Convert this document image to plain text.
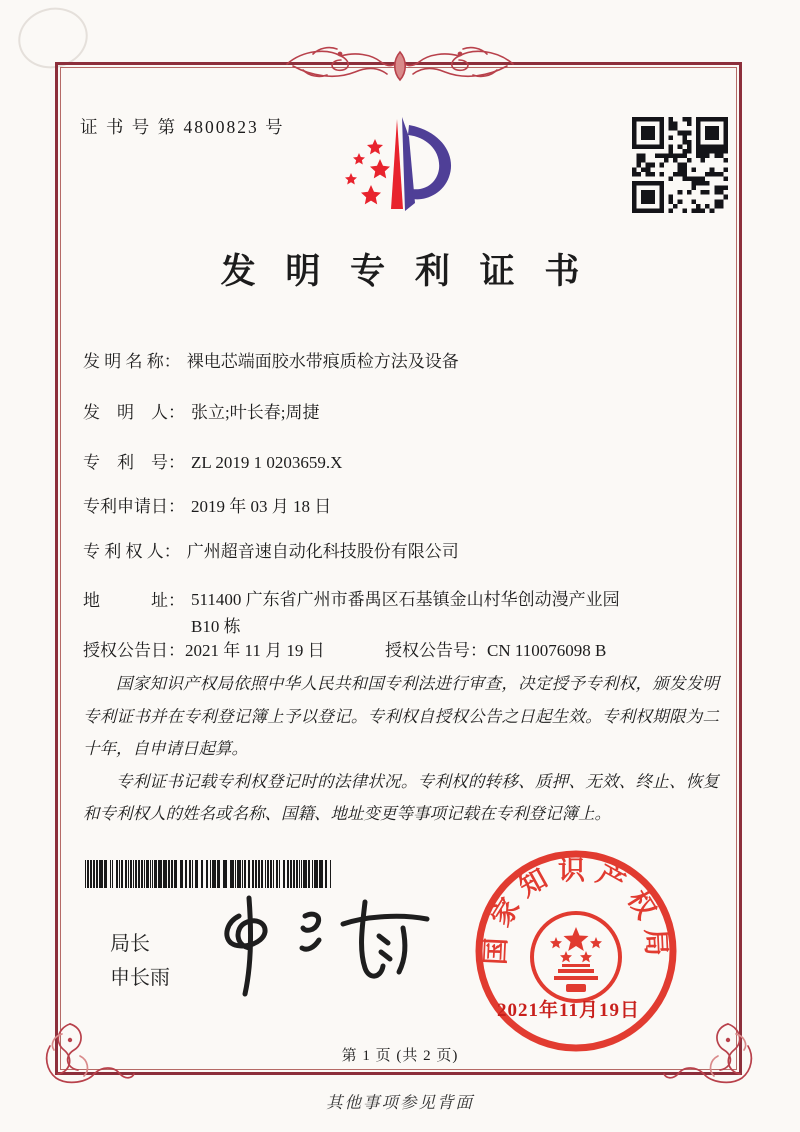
证 书 号 第 4800823 号
发 明 专 利 证 书
发 明 名 称： 裸电芯端面胶水带痕质检方法及设备
发　明　人： 张立;叶长春;周捷
专　利　号： ZL 2019 1 0203659.X
专利申请日： 2019 年 03 月 18 日
专 利 权 人： 广州超音速自动化科技股份有限公司
地　　　址： 511400 广东省广州市番禺区石基镇金山村华创动漫产业园 B10 栋
授权公告日：2021 年 11 月 19 日	授权公告号：CN 110076098 B

国家知识产权局依照中华人民共和国专利法进行审查，决定授予专利权，颁发发明专利证书并在专利登记簿上予以登记。专利权自授权公告之日起生效。专利权期限为二十年，自申请日起算。

专利证书记载专利权登记时的法律状况。专利权的转移、质押、无效、终止、恢复和专利权人的姓名或名称、国籍、地址变更等事项记载在专利登记簿上。

局长
申长雨
国家知识产权局
2021年11月19日
第 1 页 (共 2 页)
其他事项参见背面
